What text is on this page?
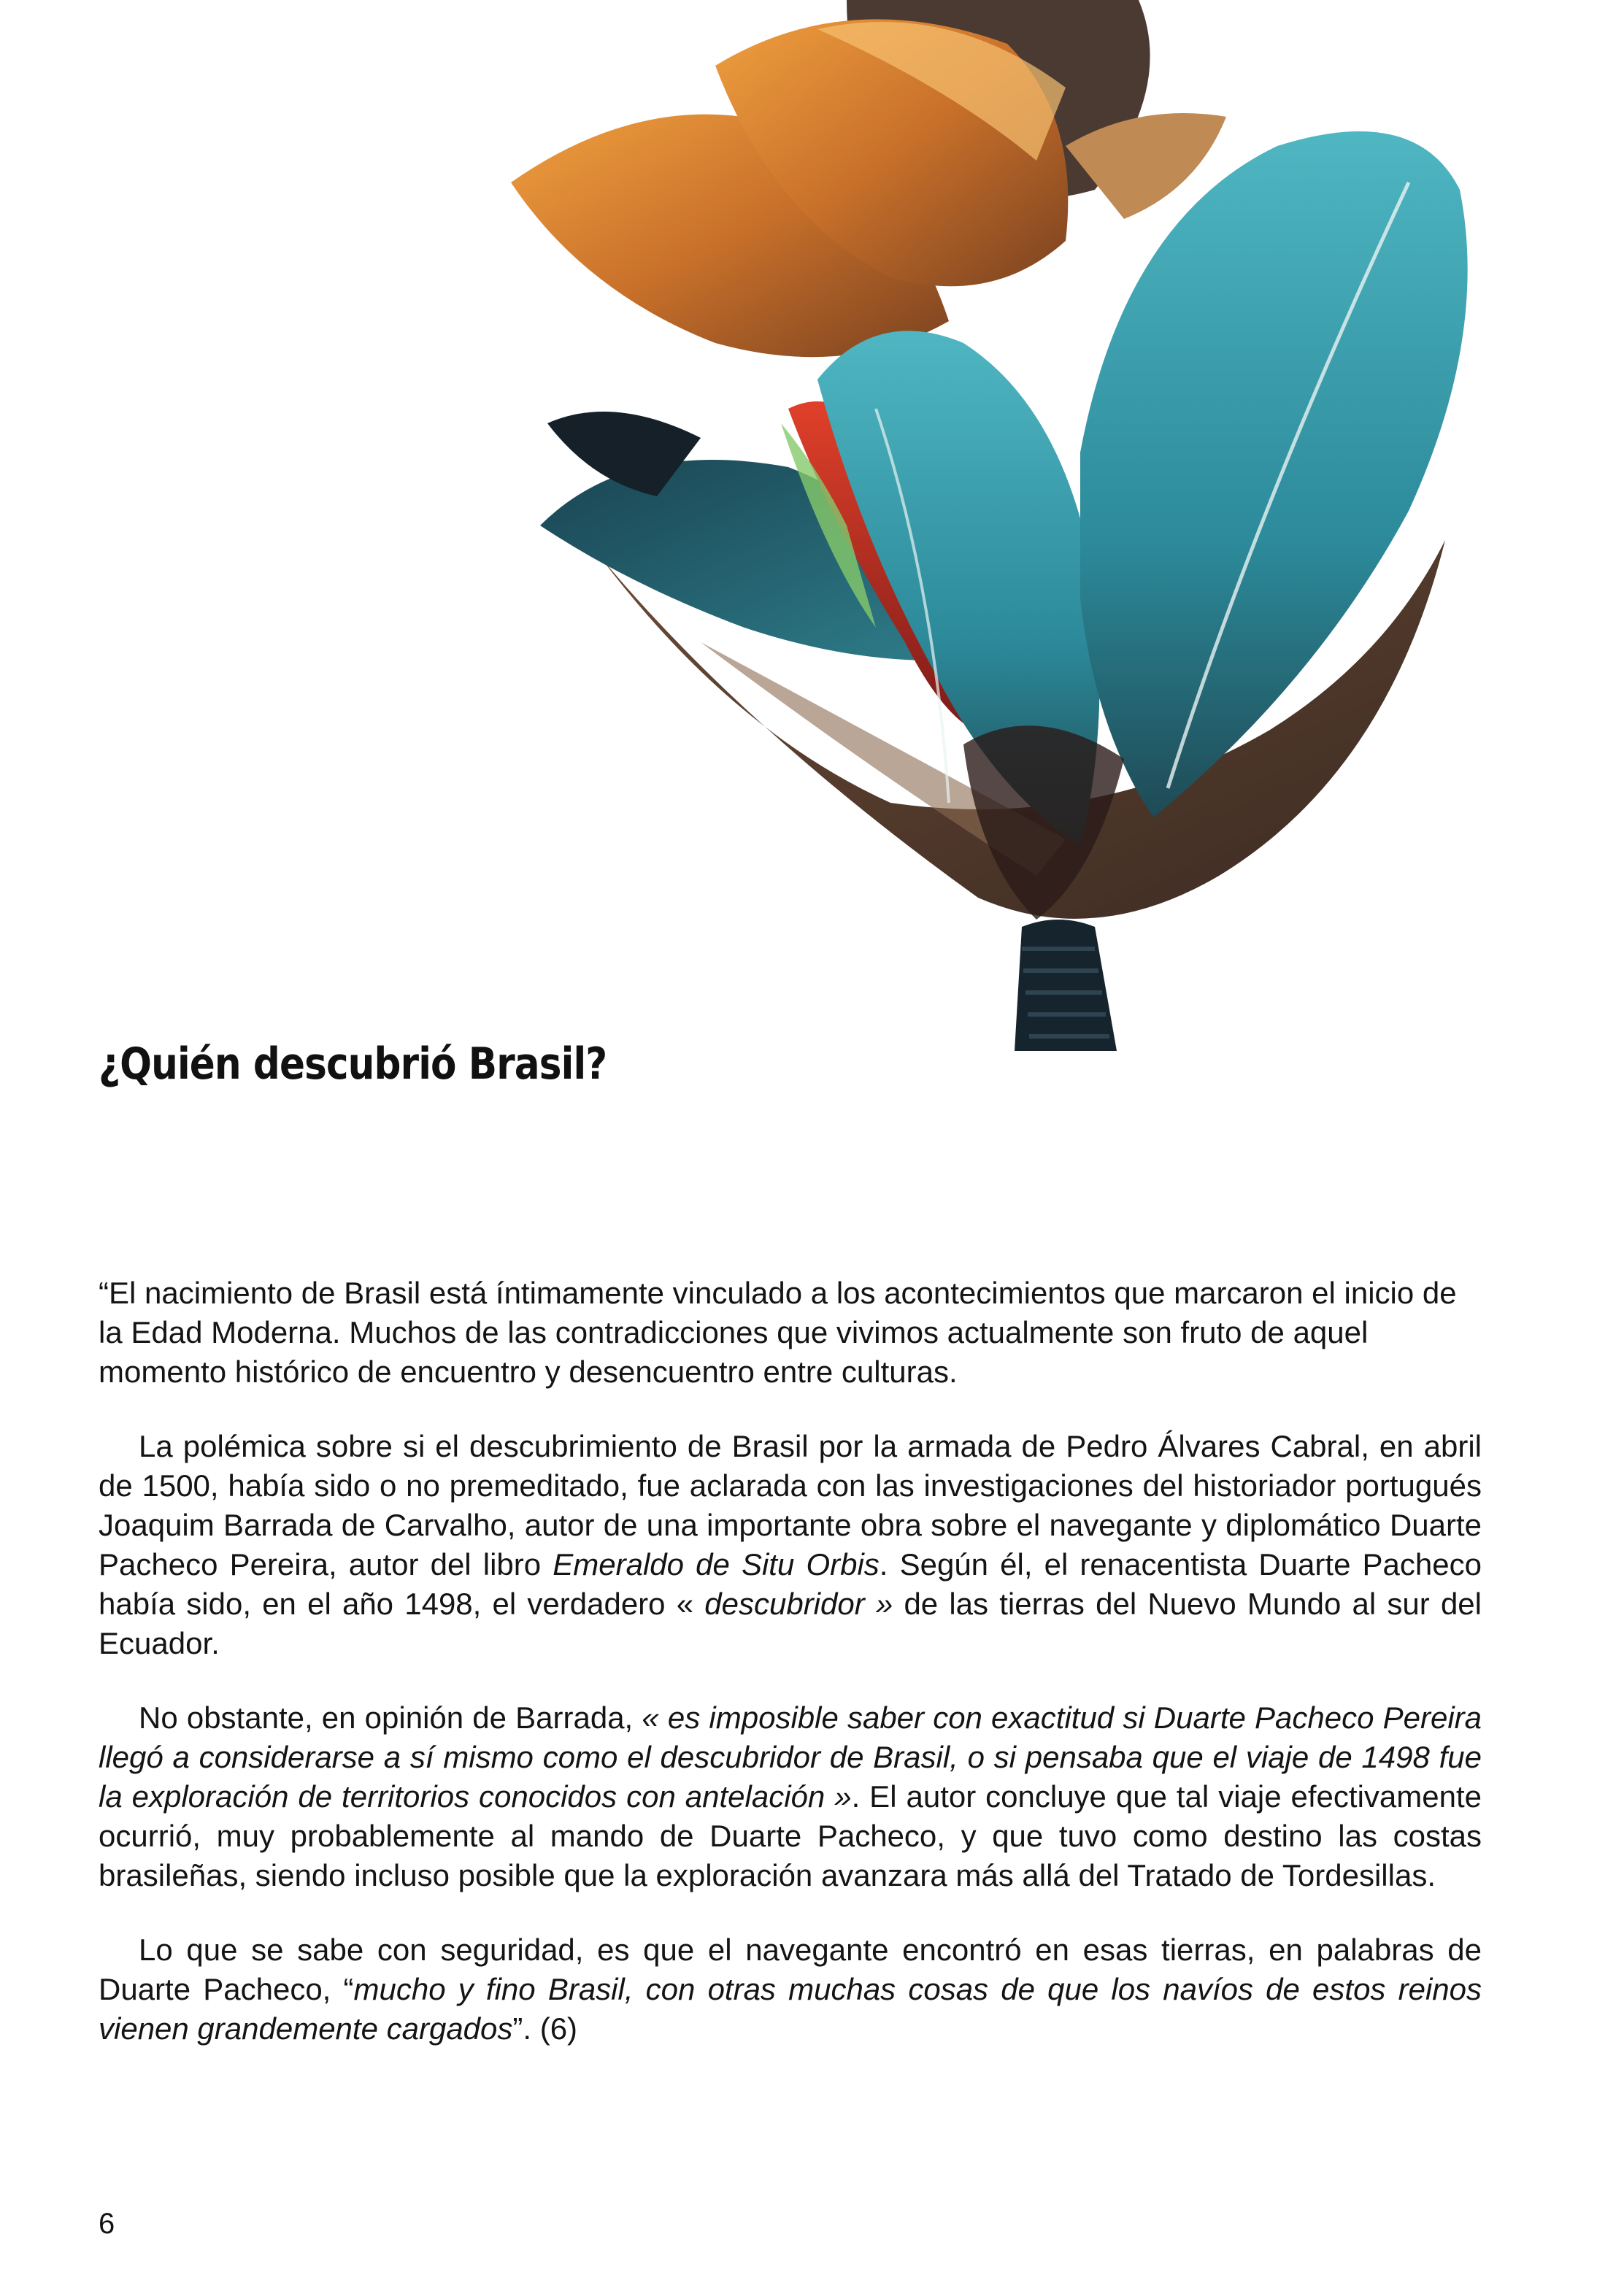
¿Quién descubrió Brasil?

“El nacimiento de Brasil está íntimamente vinculado a los acontecimientos que marcaron el inicio de la Edad Moderna. Muchos de las contradicciones que vivimos actualmente son fruto de aquel momento histórico de encuentro y desencuentro entre culturas.

La polémica sobre si el descubrimiento de Brasil por la armada de Pedro Álvares Cabral, en abril de 1500, había sido o no premeditado, fue aclarada con las investigaciones del historiador portugués Joaquim Barrada de Carvalho, autor de una importante obra sobre el navegante y diplomático Duarte Pacheco Pereira, autor del libro Emeraldo de Situ Orbis. Según él, el renacentista Duarte Pacheco había sido, en el año 1498, el verdadero « descubridor » de las tierras del Nuevo Mundo al sur del Ecuador.

No obstante, en opinión de Barrada, « es imposible saber con exactitud si Duarte Pacheco Pereira llegó a considerarse a sí mismo como el descubridor de Brasil, o si pensaba que el viaje de 1498 fue la exploración de territorios conocidos con antelación ». El autor concluye que tal viaje efectivamente ocurrió, muy probablemente al mando de Duarte Pacheco, y que tuvo como destino las costas brasileñas, siendo incluso posible que la exploración avanzara más allá del Tratado de Tordesillas.

Lo que se sabe con seguridad, es que el navegante encontró en esas tierras, en palabras de Duarte Pacheco, “mucho y fino Brasil, con otras muchas cosas de que los navíos de estos reinos vienen grandemente cargados”. (6)

6
